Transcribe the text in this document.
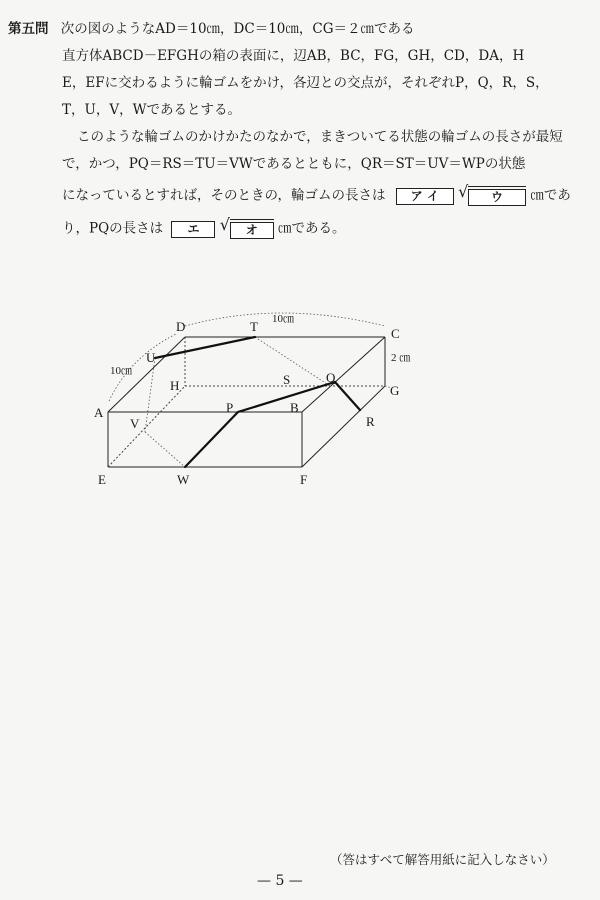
第五問 次の図のようなAD＝10㎝，DC＝10㎝，CG＝２㎝である
直方体ABCD－EFGHの箱の表面に，辺AB，BC，FG，GH，CD，DA，H
E，EFに交わるように輪ゴムをかけ，各辺との交点が，それぞれP，Q，R，S，
T，U，V，Wであるとする。
このような輪ゴムのかけかたのなかで，まきついてる状態の輪ゴムの長さが最短
で，かつ，PQ＝RS＝TU＝VWであるとともに，QR＝ST＝UV＝WPの状態
になっているとすれば，そのときの，輪ゴムの長さは ア イ √ ウ ㎝であ
り，PQの長さは エ √ オ ㎝である。
D	T	C
U
H	S	Q
G
A	P	B
R
V
E	W	F
10㎝
10㎝
2 ㎝
（答はすべて解答用紙に記入しなさい）
— 5 —
